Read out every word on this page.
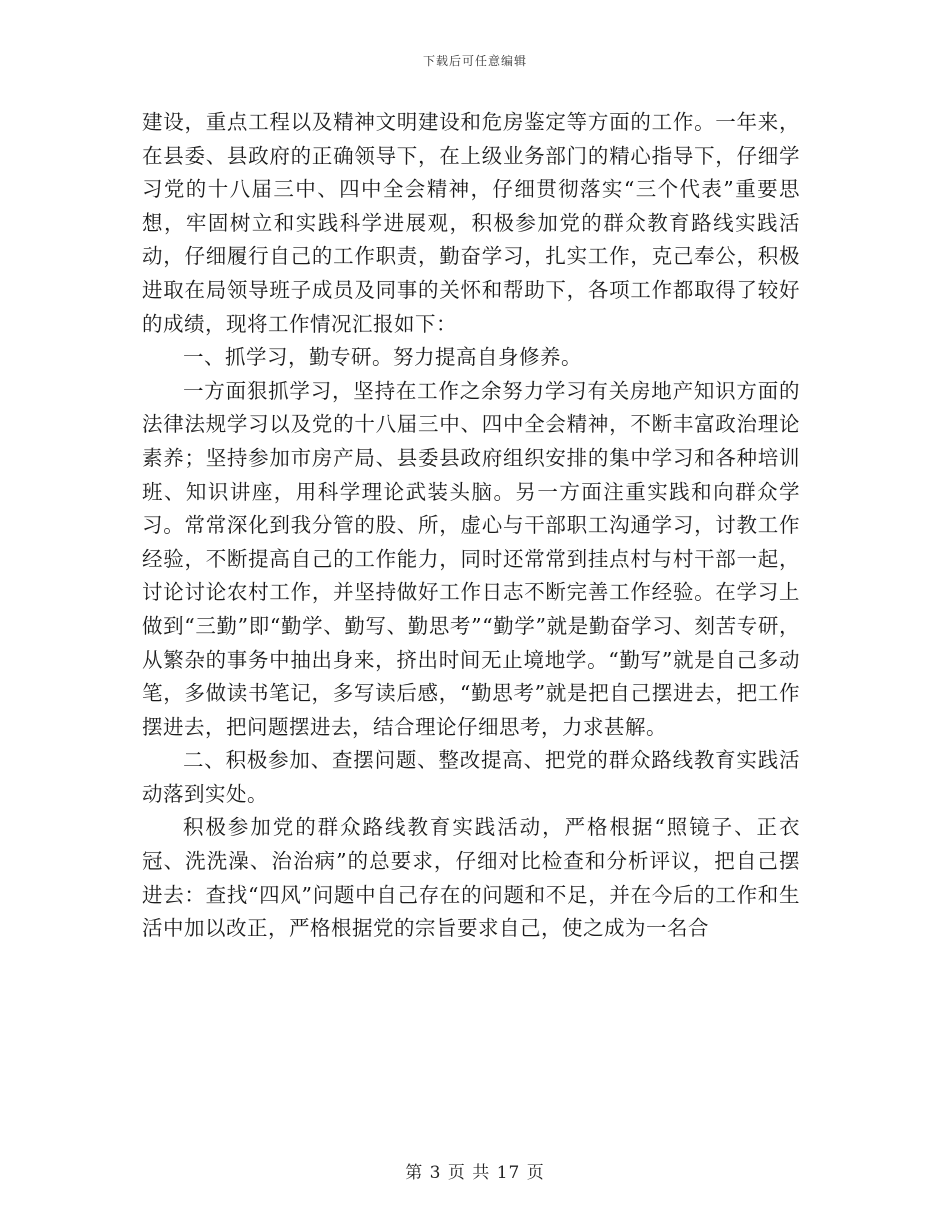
下载后可任意编辑

建设，重点工程以及精神文明建设和危房鉴定等方面的工作。一年来，在县委、县政府的正确领导下，在上级业务部门的精心指导下，仔细学习党的十八届三中、四中全会精神，仔细贯彻落实“三个代表”重要思想，牢固树立和实践科学进展观，积极参加党的群众教育路线实践活动，仔细履行自己的工作职责，勤奋学习，扎实工作，克己奉公，积极进取在局领导班子成员及同事的关怀和帮助下，各项工作都取得了较好的成绩，现将工作情况汇报如下：

一、抓学习，勤专研。努力提高自身修养。

一方面狠抓学习，坚持在工作之余努力学习有关房地产知识方面的法律法规学习以及党的十八届三中、四中全会精神，不断丰富政治理论素养；坚持参加市房产局、县委县政府组织安排的集中学习和各种培训班、知识讲座，用科学理论武装头脑。另一方面注重实践和向群众学习。常常深化到我分管的股、所，虚心与干部职工沟通学习，讨教工作经验，不断提高自己的工作能力，同时还常常到挂点村与村干部一起，讨论讨论农村工作，并坚持做好工作日志不断完善工作经验。在学习上做到“三勤”即“勤学、勤写、勤思考”“勤学”就是勤奋学习、刻苦专研，从繁杂的事务中抽出身来，挤出时间无止境地学。“勤写”就是自己多动笔，多做读书笔记，多写读后感，“勤思考”就是把自己摆进去，把工作摆进去，把问题摆进去，结合理论仔细思考，力求甚解。

二、积极参加、查摆问题、整改提高、把党的群众路线教育实践活动落到实处。

积极参加党的群众路线教育实践活动，严格根据“照镜子、正衣冠、洗洗澡、治治病”的总要求，仔细对比检查和分析评议，把自己摆进去：查找“四风”问题中自己存在的问题和不足，并在今后的工作和生活中加以改正，严格根据党的宗旨要求自己，使之成为一名合

第 3 页 共 17 页
